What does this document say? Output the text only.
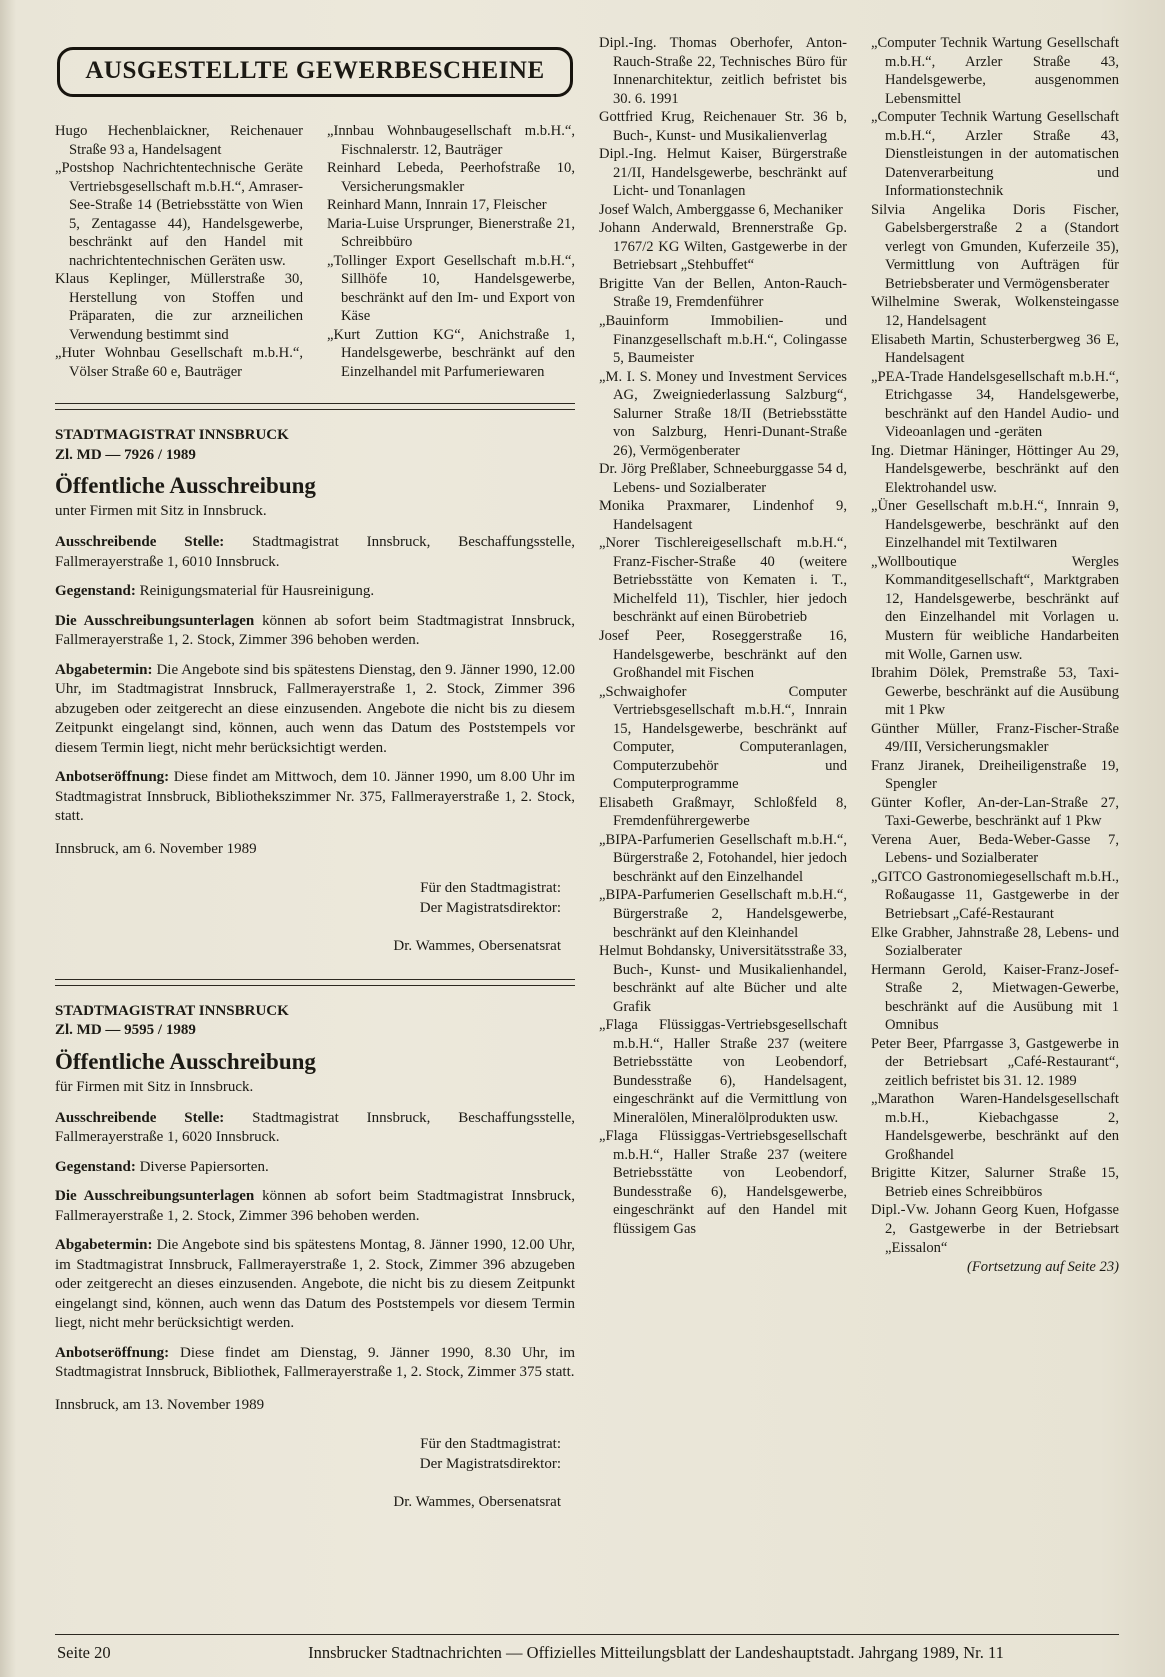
AUSGESTELLTE GEWERBESCHEINE

Hugo Hechenblaickner, Reichenauer Straße 93 a, Handelsagent

„Postshop Nachrichtentechnische Geräte Vertriebsgesellschaft m.b.H.“, Amraser-See-Straße 14 (Betriebsstätte von Wien 5, Zentagasse 44), Handelsgewerbe, beschränkt auf den Handel mit nachrichtentechnischen Geräten usw.

Klaus Keplinger, Müllerstraße 30, Herstellung von Stoffen und Präparaten, die zur arzneilichen Verwendung bestimmt sind

„Huter Wohnbau Gesellschaft m.b.H.“, Völser Straße 60 e, Bauträger

„Innbau Wohnbaugesellschaft m.b.H.“, Fischnalerstr. 12, Bauträger

Reinhard Lebeda, Peerhofstraße 10, Versicherungsmakler

Reinhard Mann, Innrain 17, Fleischer

Maria-Luise Ursprunger, Bienerstraße 21, Schreibbüro

„Tollinger Export Gesellschaft m.b.H.“, Sillhöfe 10, Handelsgewerbe, beschränkt auf den Im- und Export von Käse

„Kurt Zuttion KG“, Anichstraße 1, Handelsgewerbe, beschränkt auf den Einzelhandel mit Parfumeriewaren

STADTMAGISTRAT INNSBRUCK
Zl. MD — 7926 / 1989
Öffentliche Ausschreibung
unter Firmen mit Sitz in Innsbruck.

Ausschreibende Stelle: Stadtmagistrat Innsbruck, Beschaffungsstelle, Fallmerayerstraße 1, 6010 Innsbruck.

Gegenstand: Reinigungsmaterial für Hausreinigung.

Die Ausschreibungsunterlagen können ab sofort beim Stadtmagistrat Innsbruck, Fallmerayerstraße 1, 2. Stock, Zimmer 396 behoben werden.

Abgabetermin: Die Angebote sind bis spätestens Dienstag, den 9. Jänner 1990, 12.00 Uhr, im Stadtmagistrat Innsbruck, Fallmerayerstraße 1, 2. Stock, Zimmer 396 abzugeben oder zeitgerecht an diese einzusenden. Angebote die nicht bis zu diesem Zeitpunkt eingelangt sind, können, auch wenn das Datum des Poststempels vor diesem Termin liegt, nicht mehr berücksichtigt werden.

Anbotseröffnung: Diese findet am Mittwoch, dem 10. Jänner 1990, um 8.00 Uhr im Stadtmagistrat Innsbruck, Bibliothekszimmer Nr. 375, Fallmerayerstraße 1, 2. Stock, statt.

Innsbruck, am 6. November 1989

Für den Stadtmagistrat:
Der Magistratsdirektor:
Dr. Wammes, Obersenatsrat
STADTMAGISTRAT INNSBRUCK
Zl. MD — 9595 / 1989
Öffentliche Ausschreibung
für Firmen mit Sitz in Innsbruck.

Ausschreibende Stelle: Stadtmagistrat Innsbruck, Beschaffungsstelle, Fallmerayerstraße 1, 6020 Innsbruck.

Gegenstand: Diverse Papiersorten.

Die Ausschreibungsunterlagen können ab sofort beim Stadtmagistrat Innsbruck, Fallmerayerstraße 1, 2. Stock, Zimmer 396 behoben werden.

Abgabetermin: Die Angebote sind bis spätestens Montag, 8. Jänner 1990, 12.00 Uhr, im Stadtmagistrat Innsbruck, Fallmerayerstraße 1, 2. Stock, Zimmer 396 abzugeben oder zeitgerecht an dieses einzusenden. Angebote, die nicht bis zu diesem Zeitpunkt eingelangt sind, können, auch wenn das Datum des Poststempels vor diesem Termin liegt, nicht mehr berücksichtigt werden.

Anbotseröffnung: Diese findet am Dienstag, 9. Jänner 1990, 8.30 Uhr, im Stadtmagistrat Innsbruck, Bibliothek, Fallmerayerstraße 1, 2. Stock, Zimmer 375 statt.

Innsbruck, am 13. November 1989

Für den Stadtmagistrat:
Der Magistratsdirektor:
Dr. Wammes, Obersenatsrat

Dipl.-Ing. Thomas Oberhofer, Anton-Rauch-Straße 22, Technisches Büro für Innenarchitektur, zeitlich befristet bis 30. 6. 1991

Gottfried Krug, Reichenauer Str. 36 b, Buch-, Kunst- und Musikalienverlag

Dipl.-Ing. Helmut Kaiser, Bürgerstraße 21/II, Handelsgewerbe, beschränkt auf Licht- und Tonanlagen

Josef Walch, Amberggasse 6, Mechaniker

Johann Anderwald, Brennerstraße Gp. 1767/2 KG Wilten, Gastgewerbe in der Betriebsart „Stehbuffet“

Brigitte Van der Bellen, Anton-Rauch-Straße 19, Fremdenführer

„Bauinform Immobilien- und Finanzgesellschaft m.b.H.“, Colingasse 5, Baumeister

„M. I. S. Money und Investment Services AG, Zweigniederlassung Salzburg“, Salurner Straße 18/II (Betriebsstätte von Salzburg, Henri-Dunant-Straße 26), Vermögenberater

Dr. Jörg Preßlaber, Schneeburggasse 54 d, Lebens- und Sozialberater

Monika Praxmarer, Lindenhof 9, Handelsagent

„Norer Tischlereigesellschaft m.b.H.“, Franz-Fischer-Straße 40 (weitere Betriebsstätte von Kematen i. T., Michelfeld 11), Tischler, hier jedoch beschränkt auf einen Bürobetrieb

Josef Peer, Roseggerstraße 16, Handelsgewerbe, beschränkt auf den Großhandel mit Fischen

„Schwaighofer Computer Vertriebsgesellschaft m.b.H.“, Innrain 15, Handelsgewerbe, beschränkt auf Computer, Computeranlagen, Computerzubehör und Computerprogramme

Elisabeth Graßmayr, Schloßfeld 8, Fremdenführergewerbe

„BIPA-Parfumerien Gesellschaft m.b.H.“, Bürgerstraße 2, Fotohandel, hier jedoch beschränkt auf den Einzelhandel

„BIPA-Parfumerien Gesellschaft m.b.H.“, Bürgerstraße 2, Handelsgewerbe, beschränkt auf den Kleinhandel

Helmut Bohdansky, Universitätsstraße 33, Buch-, Kunst- und Musikalienhandel, beschränkt auf alte Bücher und alte Grafik

„Flaga Flüssiggas-Vertriebsgesellschaft m.b.H.“, Haller Straße 237 (weitere Betriebsstätte von Leobendorf, Bundesstraße 6), Handelsagent, eingeschränkt auf die Vermittlung von Mineralölen, Mineralölprodukten usw.

„Flaga Flüssiggas-Vertriebsgesellschaft m.b.H.“, Haller Straße 237 (weitere Betriebsstätte von Leobendorf, Bundesstraße 6), Handelsgewerbe, eingeschränkt auf den Handel mit flüssigem Gas

„Computer Technik Wartung Gesellschaft m.b.H.“, Arzler Straße 43, Handelsgewerbe, ausgenommen Lebensmittel

„Computer Technik Wartung Gesellschaft m.b.H.“, Arzler Straße 43, Dienstleistungen in der automatischen Datenverarbeitung und Informationstechnik

Silvia Angelika Doris Fischer, Gabelsbergerstraße 2 a (Standort verlegt von Gmunden, Kuferzeile 35), Vermittlung von Aufträgen für Betriebsberater und Vermögensberater

Wilhelmine Swerak, Wolkensteingasse 12, Handelsagent

Elisabeth Martin, Schusterbergweg 36 E, Handelsagent

„PEA-Trade Handelsgesellschaft m.b.H.“, Etrichgasse 34, Handelsgewerbe, beschränkt auf den Handel Audio- und Videoanlagen und -geräten

Ing. Dietmar Häninger, Höttinger Au 29, Handelsgewerbe, beschränkt auf den Elektrohandel usw.

„Üner Gesellschaft m.b.H.“, Innrain 9, Handelsgewerbe, beschränkt auf den Einzelhandel mit Textilwaren

„Wollboutique Wergles Kommanditgesellschaft“, Marktgraben 12, Handelsgewerbe, beschränkt auf den Einzelhandel mit Vorlagen u. Mustern für weibliche Handarbeiten mit Wolle, Garnen usw.

Ibrahim Dölek, Premstraße 53, Taxi-Gewerbe, beschränkt auf die Ausübung mit 1 Pkw

Günther Müller, Franz-Fischer-Straße 49/III, Versicherungsmakler

Franz Jiranek, Dreiheiligenstraße 19, Spengler

Günter Kofler, An-der-Lan-Straße 27, Taxi-Gewerbe, beschränkt auf 1 Pkw

Verena Auer, Beda-Weber-Gasse 7, Lebens- und Sozialberater

„GITCO Gastronomiegesellschaft m.b.H., Roßaugasse 11, Gastgewerbe in der Betriebsart „Café-Restaurant

Elke Grabher, Jahnstraße 28, Lebens- und Sozialberater

Hermann Gerold, Kaiser-Franz-Josef-Straße 2, Mietwagen-Gewerbe, beschränkt auf die Ausübung mit 1 Omnibus

Peter Beer, Pfarrgasse 3, Gastgewerbe in der Betriebsart „Café-Restaurant“, zeitlich befristet bis 31. 12. 1989

„Marathon Waren-Handelsgesellschaft m.b.H., Kiebachgasse 2, Handelsgewerbe, beschränkt auf den Großhandel

Brigitte Kitzer, Salurner Straße 15, Betrieb eines Schreibbüros

Dipl.-Vw. Johann Georg Kuen, Hofgasse 2, Gastgewerbe in der Betriebsart „Eissalon“

(Fortsetzung auf Seite 23)

Seite 20	Innsbrucker Stadtnachrichten — Offizielles Mitteilungsblatt der Landeshauptstadt. Jahrgang 1989, Nr. 11
